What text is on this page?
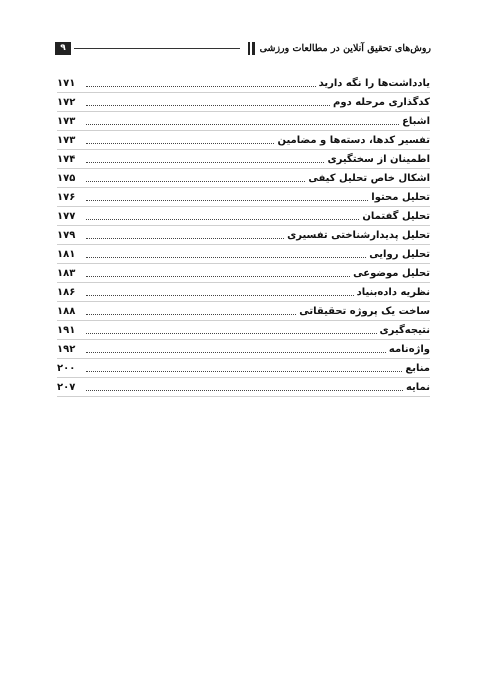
روش‌های تحقیق آنلاین در مطالعات ورزشی
۹
یادداشت‌ها را نگه دارید
۱۷۱
کدگذاری مرحله دوم
۱۷۲
اشباع
۱۷۳
تفسیر کدها، دسته‌ها و مضامین
۱۷۳
اطمینان از سختگیری
۱۷۴
اشکال خاص تحلیل کیفی
۱۷۵
تحلیل محتوا
۱۷۶
تحلیل گفتمان
۱۷۷
تحلیل پدیدارشناختی تفسیری
۱۷۹
تحلیل روایی
۱۸۱
تحلیل موضوعی
۱۸۳
نظریه داده‌بنیاد
۱۸۶
ساخت یک پروژه تحقیقاتی
۱۸۸
نتیجه‌گیری
۱۹۱
واژه‌نامه
۱۹۲
منابع
۲۰۰
نمایه
۲۰۷
